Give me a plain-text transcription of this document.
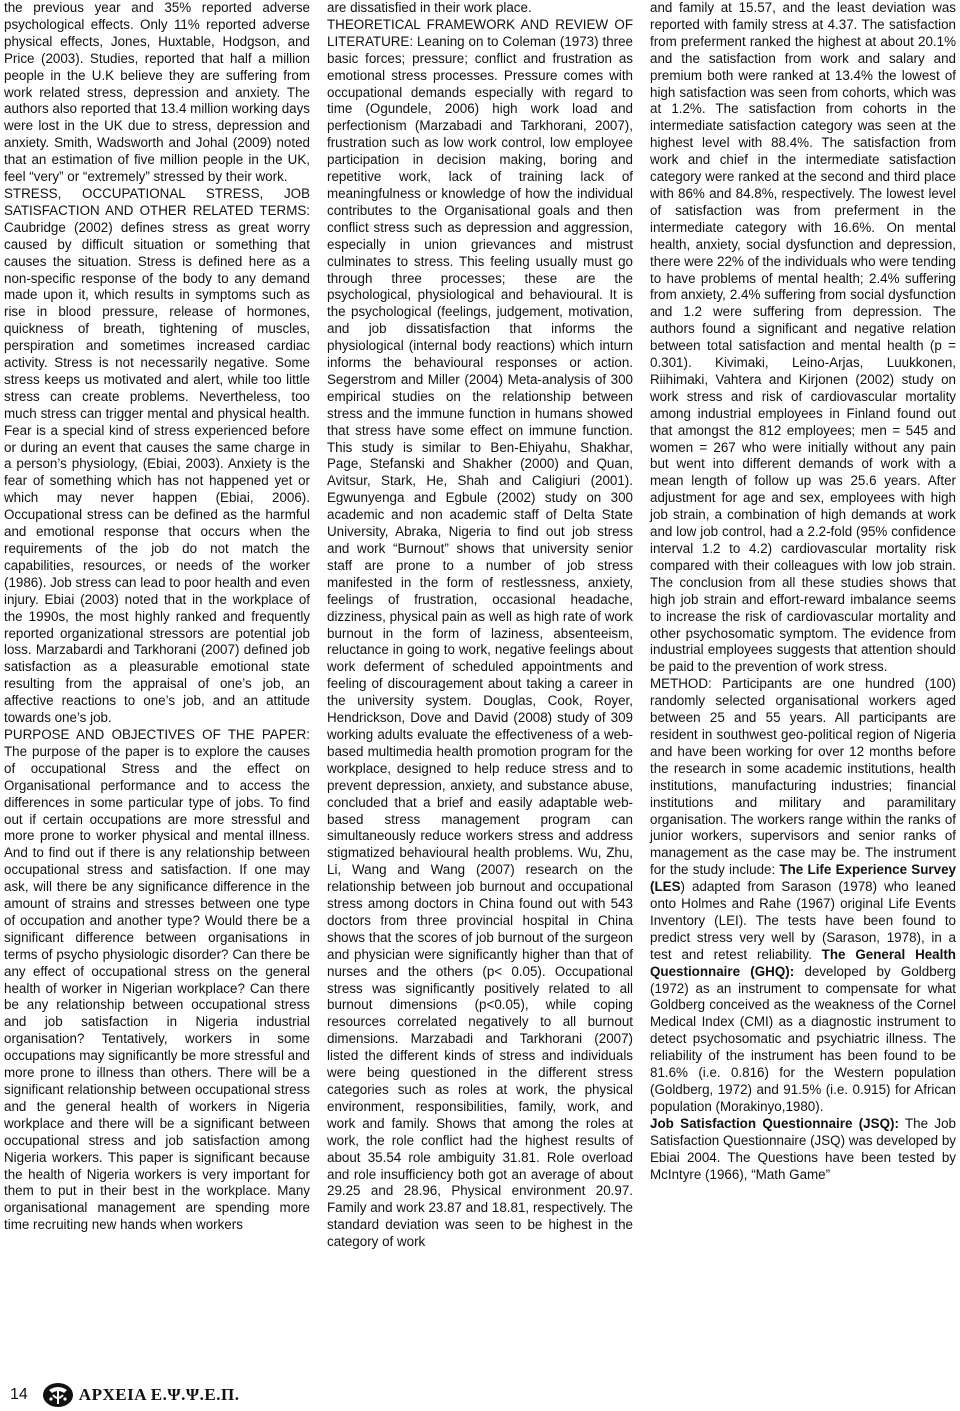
the previous year and 35% reported adverse psychological effects. Only 11% reported adverse physical effects, Jones, Huxtable, Hodgson, and Price (2003). Studies, reported that half a million people in the U.K believe they are suffering from work related stress, depression and anxiety. The authors also reported that 13.4 million working days were lost in the UK due to stress, depression and anxiety. Smith, Wadsworth and Johal (2009) noted that an estimation of five million people in the UK, feel “very” or “extremely” stressed by their work.

STRESS, OCCUPATIONAL STRESS, JOB SATISFACTION AND OTHER RELATED TERMS: Caubridge (2002) defines stress as great worry caused by difficult situation or something that causes the situation. Stress is defined here as a non-specific response of the body to any demand made upon it, which results in symptoms such as rise in blood pressure, release of hormones, quickness of breath, tightening of muscles, perspiration and sometimes increased cardiac activity. Stress is not necessarily negative. Some stress keeps us motivated and alert, while too little stress can create problems. Nevertheless, too much stress can trigger mental and physical health. Fear is a special kind of stress experienced before or during an event that causes the same charge in a person’s physiology, (Ebiai, 2003). Anxiety is the fear of something which has not happened yet or which may never happen (Ebiai, 2006). Occupational stress can be defined as the harmful and emotional response that occurs when the requirements of the job do not match the capabilities, resources, or needs of the worker (1986). Job stress can lead to poor health and even injury. Ebiai (2003) noted that in the workplace of the 1990s, the most highly ranked and frequently reported organizational stressors are potential job loss. Marzabardi and Tarkhorani (2007) defined job satisfaction as a pleasurable emotional state resulting from the appraisal of one’s job, an affective reactions to one’s job, and an attitude towards one’s job.

PURPOSE AND OBJECTIVES OF THE PAPER: The purpose of the paper is to explore the causes of occupational Stress and the effect on Organisational performance and to access the differences in some particular type of jobs. To find out if certain occupations are more stressful and more prone to worker physical and mental illness. And to find out if there is any relationship between occupational stress and satisfaction. If one may ask, will there be any significance difference in the amount of strains and stresses between one type of occupation and another type? Would there be a significant difference between organisations in terms of psycho physiologic disorder? Can there be any effect of occupational stress on the general health of worker in Nigerian workplace? Can there be any relationship between occupational stress and job satisfaction in Nigeria industrial organisation? Tentatively, workers in some occupations may significantly be more stressful and more prone to illness than others. There will be a significant relationship between occupational stress and the general health of workers in Nigeria workplace and there will be a significant between occupational stress and job satisfaction among Nigeria workers. This paper is significant because the health of Nigeria workers is very important for them to put in their best in the workplace. Many organisational management are spending more time recruiting new hands when workers

are dissatisfied in their work place.

THEORETICAL FRAMEWORK AND REVIEW OF LITERATURE: Leaning on to Coleman (1973) three basic forces; pressure; conflict and frustration as emotional stress processes. Pressure comes with occupational demands especially with regard to time (Ogundele, 2006) high work load and perfectionism (Marzabadi and Tarkhorani, 2007), frustration such as low work control, low employee participation in decision making, boring and repetitive work, lack of training lack of meaningfulness or knowledge of how the individual contributes to the Organisational goals and then conflict stress such as depression and aggression, especially in union grievances and mistrust culminates to stress. This feeling usually must go through three processes; these are the psychological, physiological and behavioural. It is the psychological (feelings, judgement, motivation, and job dissatisfaction that informs the physiological (internal body reactions) which inturn informs the behavioural responses or action. Segerstrom and Miller (2004) Meta-analysis of 300 empirical studies on the relationship between stress and the immune function in humans showed that stress have some effect on immune function. This study is similar to Ben-Ehiyahu, Shakhar, Page, Stefanski and Shakher (2000) and Quan, Avitsur, Stark, He, Shah and Caligiuri (2001). Egwunyenga and Egbule (2002) study on 300 academic and non academic staff of Delta State University, Abraka, Nigeria to find out job stress and work “Burnout” shows that university senior staff are prone to a number of job stress manifested in the form of restlessness, anxiety, feelings of frustration, occasional headache, dizziness, physical pain as well as high rate of work burnout in the form of laziness, absenteeism, reluctance in going to work, negative feelings about work deferment of scheduled appointments and feeling of discouragement about taking a career in the university system. Douglas, Cook, Royer, Hendrickson, Dove and David (2008) study of 309 working adults evaluate the effectiveness of a web-based multimedia health promotion program for the workplace, designed to help reduce stress and to prevent depression, anxiety, and substance abuse, concluded that a brief and easily adaptable web-based stress management program can simultaneously reduce workers stress and address stigmatized behavioural health problems. Wu, Zhu, Li, Wang and Wang (2007) research on the relationship between job burnout and occupational stress among doctors in China found out with 543 doctors from three provincial hospital in China shows that the scores of job burnout of the surgeon and physician were significantly higher than that of nurses and the others (p< 0.05). Occupational stress was significantly positively related to all burnout dimensions (p<0.05), while coping resources correlated negatively to all burnout dimensions. Marzabadi and Tarkhorani (2007) listed the different kinds of stress and individuals were being questioned in the different stress categories such as roles at work, the physical environment, responsibilities, family, work, and work and family. Shows that among the roles at work, the role conflict had the highest results of about 35.54 role ambiguity 31.81. Role overload and role insufficiency both got an average of about 29.25 and 28.96, Physical environment 20.97. Family and work 23.87 and 18.81, respectively. The standard deviation was seen to be highest in the category of work

and family at 15.57, and the least deviation was reported with family stress at 4.37. The satisfaction from preferment ranked the highest at about 20.1% and the satisfaction from work and salary and premium both were ranked at 13.4% the lowest of high satisfaction was seen from cohorts, which was at 1.2%. The satisfaction from cohorts in the intermediate satisfaction category was seen at the highest level with 88.4%. The satisfaction from work and chief in the intermediate satisfaction category were ranked at the second and third place with 86% and 84.8%, respectively. The lowest level of satisfaction was from preferment in the intermediate category with 16.6%. On mental health, anxiety, social dysfunction and depression, there were 22% of the individuals who were tending to have problems of mental health; 2.4% suffering from anxiety, 2.4% suffering from social dysfunction and 1.2 were suffering from depression. The authors found a significant and negative relation between total satisfaction and mental health (p = 0.301). Kivimaki, Leino-Arjas, Luukkonen, Riihimaki, Vahtera and Kirjonen (2002) study on work stress and risk of cardiovascular mortality among industrial employees in Finland found out that amongst the 812 employees; men = 545 and women = 267 who were initially without any pain but went into different demands of work with a mean length of follow up was 25.6 years. After adjustment for age and sex, employees with high job strain, a combination of high demands at work and low job control, had a 2.2-fold (95% confidence interval 1.2 to 4.2) cardiovascular mortality risk compared with their colleagues with low job strain. The conclusion from all these studies shows that high job strain and effort-reward imbalance seems to increase the risk of cardiovascular mortality and other psychosomatic symptom. The evidence from industrial employees suggests that attention should be paid to the prevention of work stress.

METHOD: Participants are one hundred (100) randomly selected organisational workers aged between 25 and 55 years. All participants are resident in southwest geo-political region of Nigeria and have been working for over 12 months before the research in some academic institutions, health institutions, manufacturing industries; financial institutions and military and paramilitary organisation. The workers range within the ranks of junior workers, supervisors and senior ranks of management as the case may be. The instrument for the study include: The Life Experience Survey (LES) adapted from Sarason (1978) who leaned onto Holmes and Rahe (1967) original Life Events Inventory (LEI). The tests have been found to predict stress very well by (Sarason, 1978), in a test and retest reliability. The General Health Questionnaire (GHQ): developed by Goldberg (1972) as an instrument to compensate for what Goldberg conceived as the weakness of the Cornel Medical Index (CMI) as a diagnostic instrument to detect psychosomatic and psychiatric illness. The reliability of the instrument has been found to be 81.6% (i.e. 0.816) for the Western population (Goldberg, 1972) and 91.5% (i.e. 0.915) for African population (Morakinyo,1980).

Job Satisfaction Questionnaire (JSQ): The Job Satisfaction Questionnaire (JSQ) was developed by Ebiai 2004. The Questions have been tested by McIntyre (1966), “Math Game”

14	ΑΡΧΕΙΑ Ε.Ψ.Ψ.Ε.Π.
